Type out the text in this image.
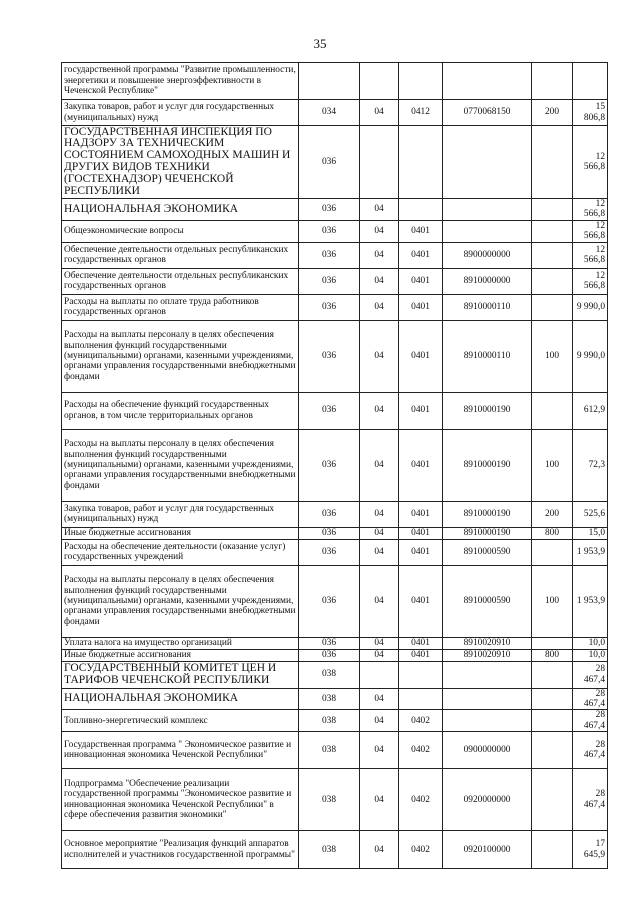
35
государственной программы "Развитие промышленности, энергетики и повышение энергоэффективности в Чеченской Республике"						
Закупка товаров, работ и услуг для государственных (муниципальных) нужд	034	04	0412	0770068150	200	15 806,8
ГОСУДАРСТВЕННАЯ ИНСПЕКЦИЯ ПО НАДЗОРУ ЗА ТЕХНИЧЕСКИМ СОСТОЯНИЕМ САМОХОДНЫХ МАШИН И ДРУГИХ ВИДОВ ТЕХНИКИ (ГОСТЕХНАДЗОР) ЧЕЧЕНСКОЙ РЕСПУБЛИКИ	036					12 566,8
НАЦИОНАЛЬНАЯ ЭКОНОМИКА	036	04				12 566,8
Общеэкономические вопросы	036	04	0401			12 566,8
Обеспечение деятельности отдельных республиканских государственных органов	036	04	0401	8900000000		12 566,8
Обеспечение деятельности отдельных республиканских государственных органов	036	04	0401	8910000000		12 566,8
Расходы на выплаты по оплате труда работников государственных органов	036	04	0401	8910000110		9 990,0
Расходы на выплаты персоналу в целях обеспечения выполнения функций государственными (муниципальными) органами, казенными учреждениями, органами управления государственными внебюджетными фондами	036	04	0401	8910000110	100	9 990,0
Расходы на обеспечение функций государственных органов, в том числе территориальных органов	036	04	0401	8910000190		612,9
Расходы на выплаты персоналу в целях обеспечения выполнения функций государственными (муниципальными) органами, казенными учреждениями, органами управления государственными внебюджетными фондами	036	04	0401	8910000190	100	72,3
Закупка товаров, работ и услуг для государственных (муниципальных) нужд	036	04	0401	8910000190	200	525,6
Иные бюджетные ассигнования	036	04	0401	8910000190	800	15,0
Расходы на обеспечение деятельности (оказание услуг) государственных учреждений	036	04	0401	8910000590		1 953,9
Расходы на выплаты персоналу в целях обеспечения выполнения функций государственными (муниципальными) органами, казенными учреждениями, органами управления государственными внебюджетными фондами	036	04	0401	8910000590	100	1 953,9
Уплата налога на имущество организаций	036	04	0401	8910020910		10,0
Иные бюджетные ассигнования	036	04	0401	8910020910	800	10,0
ГОСУДАРСТВЕННЫЙ КОМИТЕТ ЦЕН И ТАРИФОВ ЧЕЧЕНСКОЙ РЕСПУБЛИКИ	038					28 467,4
НАЦИОНАЛЬНАЯ ЭКОНОМИКА	038	04				28 467,4
Топливно-энергетический комплекс	038	04	0402			28 467,4
Государственная программа " Экономическое развитие и инновационная экономика Чеченской Республики"	038	04	0402	0900000000		28 467,4
Подпрограмма "Обеспечение реализации государственной программы "Экономическое развитие и инновационная экономика Чеченской Республики" в сфере обеспечения развития экономики"	038	04	0402	0920000000		28 467,4
Основное мероприятие "Реализация функций аппаратов исполнителей и участников государственной программы"	038	04	0402	0920100000		17 645,9
